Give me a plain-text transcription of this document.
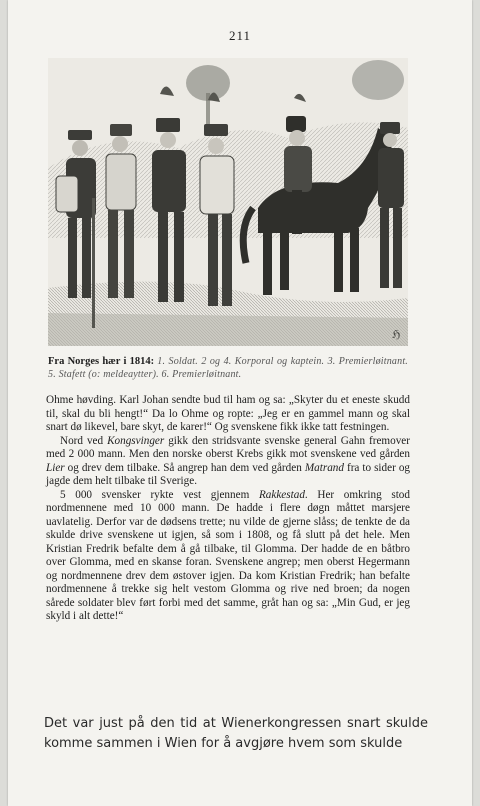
211
ℌ
Fra Norges hær i 1814: 1. Soldat. 2 og 4. Korporal og kaptein. 3. Premierløitnant. 5. Stafett (o: meldeaytter). 6. Premierløitnant.

Ohme høvding. Karl Johan sendte bud til ham og sa: „Skyter du et eneste skudd til, skal du bli hengt!“ Da lo Ohme og ropte: „Jeg er en gammel mann og skal snart dø likevel, bare skyt, de karer!“ Og svenskene fikk ikke tatt festningen.

Nord ved Kongsvinger gikk den stridsvante svenske general Gahn fremover med 2 000 mann. Men den norske oberst Krebs gikk mot svenskene ved gården Lier og drev dem tilbake. Så angrep han dem ved gården Matrand fra to sider og jagde dem helt tilbake til Sverige.

5 000 svensker rykte vest gjennem Rakkestad. Her omkring stod nordmennene med 10 000 mann. De hadde i flere døgn måttet marsjere uavlatelig. Derfor var de dødsens trette; nu vilde de gjerne slåss; de tenkte de da skulde drive svenskene ut igjen, så som i 1808, og få slutt på det hele. Men Kristian Fredrik befalte dem å gå tilbake, til Glomma. Der hadde de en båtbro over Glomma, med en skanse foran. Svenskene angrep; men oberst Hegermann og nordmennene drev dem østover igjen. Da kom Kristian Fredrik; han befalte nordmennene å trekke sig helt vestom Glomma og rive ned broen; da nogen sårede soldater blev ført forbi med det samme, gråt han og sa: „Min Gud, er jeg skyld i alt dette!“

Det var just på den tid at Wienerkongressen snart skulde komme sammen i Wien for å avgjøre hvem som skulde
